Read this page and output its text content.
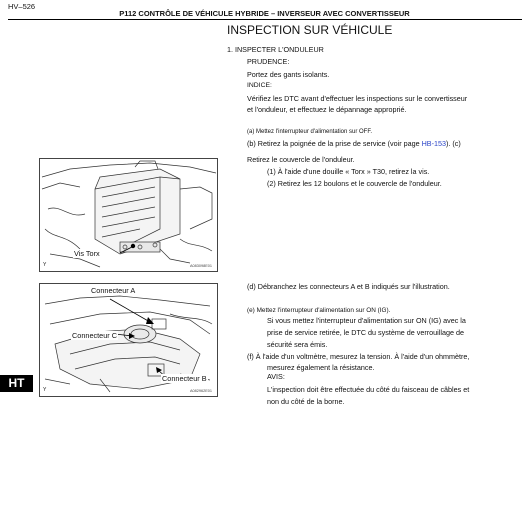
HV–526
P112 CONTRÔLE DE VÉHICULE HYBRIDE – INVERSEUR AVEC CONVERTISSEUR
INSPECTION SUR VÉHICULE
1. INSPECTER L'ONDULEUR
PRUDENCE:
Portez des gants isolants.
INDICE:
Vérifiez les DTC avant d'effectuer les inspections sur le convertisseur
et l'onduleur, et effectuez le dépannage approprié.
(a) Mettez l'interrupteur d'alimentation sur OFF.
(b) Retirez la poignée de la prise de service (voir page HB-153). (c)
Retirez le couvercle de l'onduleur.
(1) À l'aide d'une douille « Torx » T30, retirez la vis.
(2) Retirez les 12 boulons et le couvercle de l'onduleur.
(d) Débranchez les connecteurs A et B indiqués sur l'illustration.
(e) Mettez l'interrupteur d'alimentation sur ON (IG).
Si vous mettez l'interrupteur d'alimentation sur ON (IG) avec la
prise de service retirée, le DTC du système de verrouillage de
sécurité sera émis.
(f) À l'aide d'un voltmètre, mesurez la tension. À l'aide d'un ohmmètre,
mesurez également la résistance.
AVIS:
L'inspection doit être effectuée du côté du faisceau de câbles et
non du côté de la borne.
Vis Torx
Y	A083098E01
Connecteur A
Connecteur C
Connecteur B
Y	A082962E01
HT
